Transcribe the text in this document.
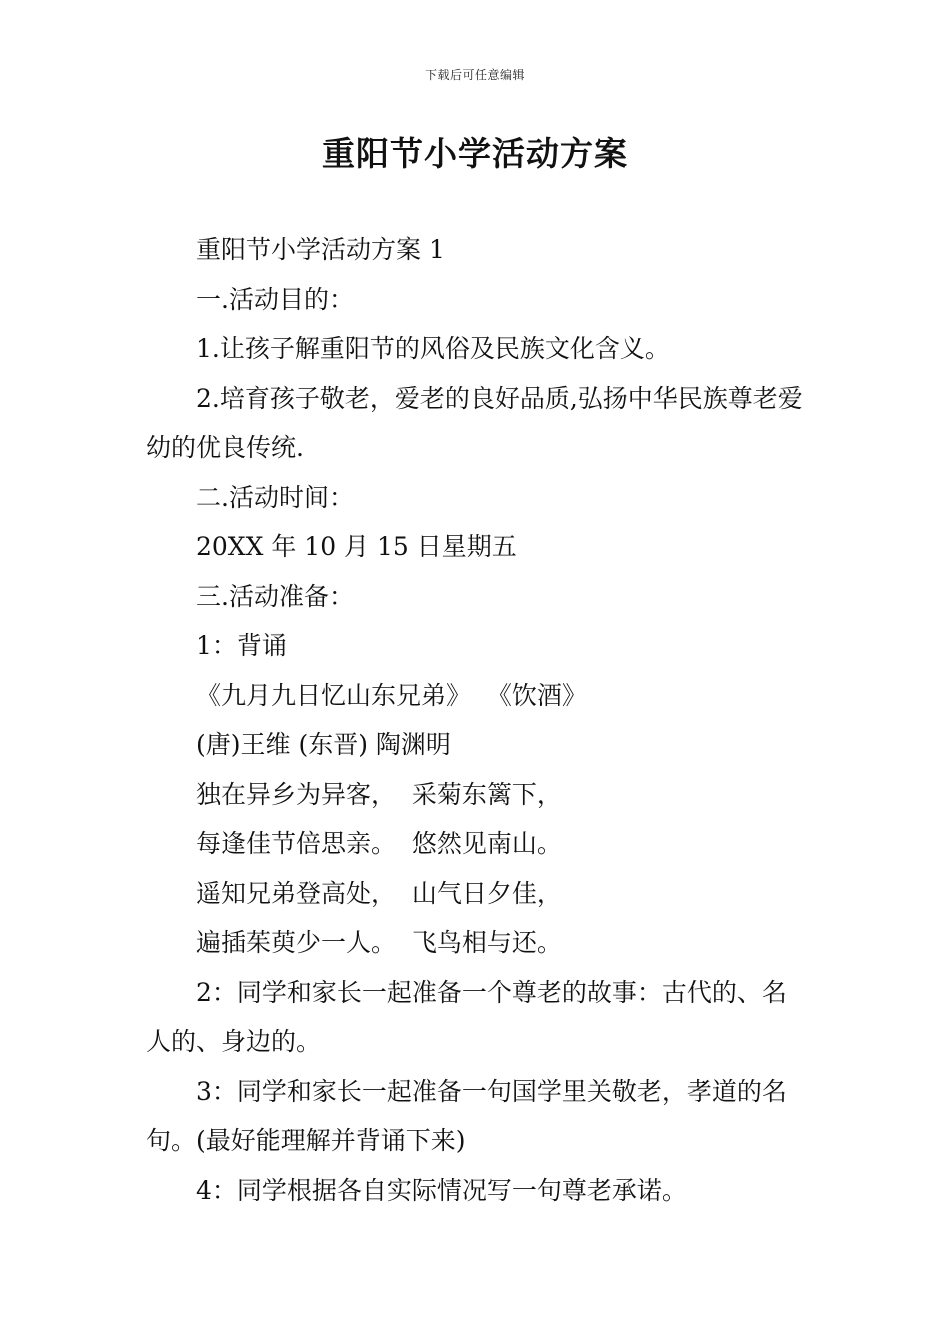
下载后可任意编辑
重阳节小学活动方案

重阳节小学活动方案 1

一.活动目的：

1.让孩子解重阳节的风俗及民族文化含义。

2.培育孩子敬老，爱老的良好品质,弘扬中华民族尊老爱幼的优良传统.

二.活动时间：

20XX 年 10 月 15 日星期五

三.活动准备：

1：背诵

《九月九日忆山东兄弟》  《饮酒》

(唐)王维 (东晋) 陶渊明

独在异乡为异客，  采菊东篱下，

每逢佳节倍思亲。  悠然见南山。

遥知兄弟登高处，  山气日夕佳，

遍插茱萸少一人。  飞鸟相与还。

2：同学和家长一起准备一个尊老的故事：古代的、名人的、身边的。

3：同学和家长一起准备一句国学里关敬老，孝道的名句。(最好能理解并背诵下来)

4：同学根据各自实际情况写一句尊老承诺。
